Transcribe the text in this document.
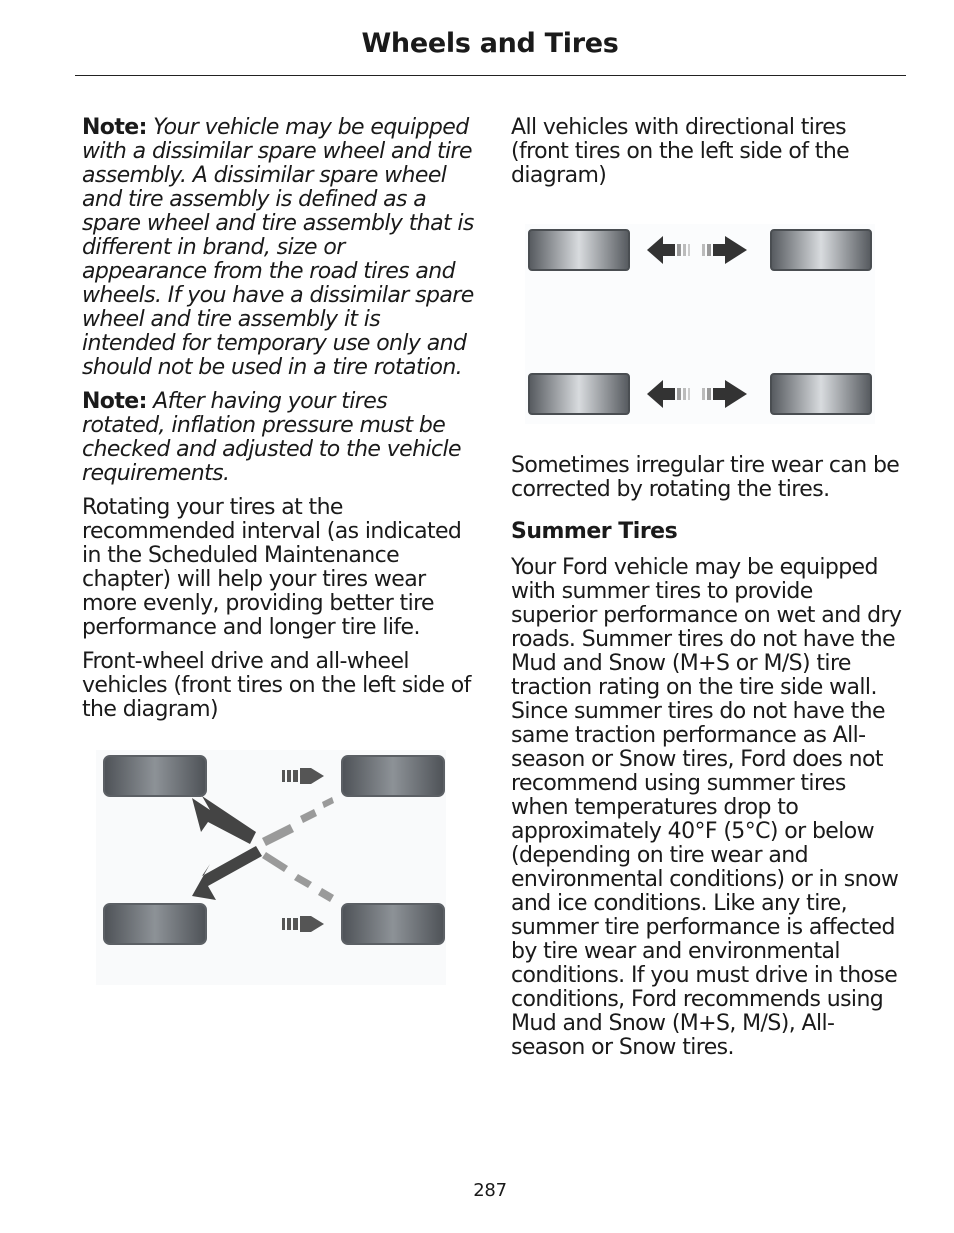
Wheels and Tires

Note: Your vehicle may be equipped with a dissimilar spare wheel and tire assembly. A dissimilar spare wheel and tire assembly is defined as a spare wheel and tire assembly that is different in brand, size or appearance from the road tires and wheels. If you have a dissimilar spare wheel and tire assembly it is intended for temporary use only and should not be used in a tire rotation.

Note: After having your tires rotated, inflation pressure must be checked and adjusted to the vehicle requirements.

Rotating your tires at the recommended interval (as indicated in the Scheduled Maintenance chapter) will help your tires wear more evenly, providing better tire performance and longer tire life.

Front-wheel drive and all-wheel vehicles (front tires on the left side of the diagram)

All vehicles with directional tires (front tires on the left side of the diagram)

Sometimes irregular tire wear can be corrected by rotating the tires.

Summer Tires

Your Ford vehicle may be equipped with summer tires to provide superior performance on wet and dry roads. Summer tires do not have the Mud and Snow (M+S or M/S) tire traction rating on the tire side wall. Since summer tires do not have the same traction performance as All-season or Snow tires, Ford does not recommend using summer tires when temperatures drop to approximately 40°F (5°C) or below (depending on tire wear and environmental conditions) or in snow and ice conditions. Like any tire, summer tire performance is affected by tire wear and environmental conditions. If you must drive in those conditions, Ford recommends using Mud and Snow (M+S, M/S), All-season or Snow tires.

287
